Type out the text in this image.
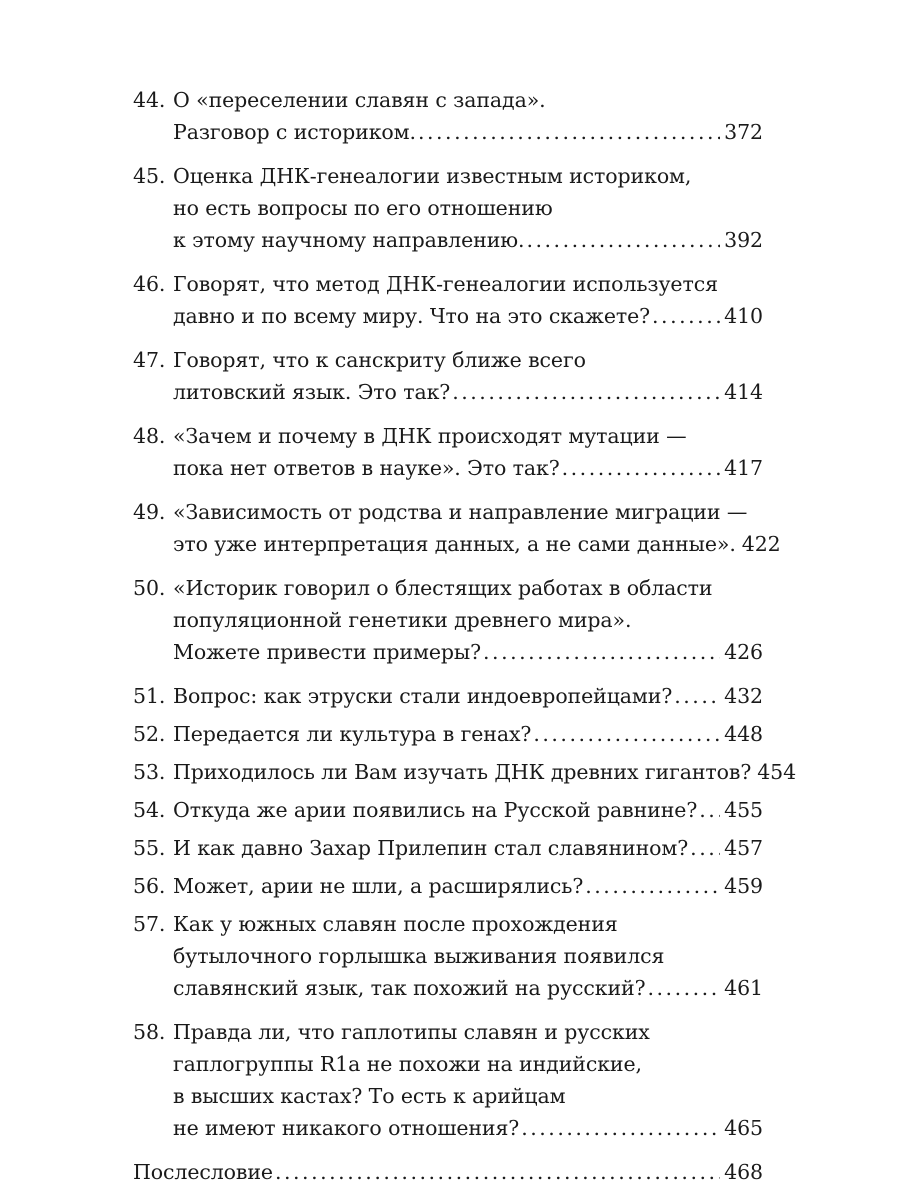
44. О «переселении славян с запада».
Разговор с историком. . . .	372
45. Оценка ДНК-генеалогии известным историком,
но есть вопросы по его отношению
к этому научному направлению. . . .	392
46. Говорят, что метод ДНК-генеалогии используется
давно и по всему миру. Что на это скажете? . . .	410
47. Говорят, что к санскриту ближе всего
литовский язык. Это так? . . .	414
48. «Зачем и почему в ДНК происходят мутации —
пока нет ответов в науке». Это так? . . .	417
49. «Зависимость от родства и направление миграции —
это уже интерпретация данных, а не сами данные». 422
50. «Историк говорил о блестящих работах в области
популяционной генетики древнего мира».
Можете привести примеры? . . .	426
51. Вопрос: как этруски стали индоевропейцами? . . .	432
52. Передается ли культура в генах? . . .	448
53. Приходилось ли Вам изучать ДНК древних гигантов? 454
54. Откуда же арии появились на Русской равнине? . . . 455
55. И как давно Захар Прилепин стал славянином? . . . 457
56. Может, арии не шли, а расширялись? . . .	459
57. Как у южных славян после прохождения
бутылочного горлышка выживания появился
славянский язык, так похожий на русский? . . .	461
58. Правда ли, что гаплотипы славян и русских
гаплогруппы R1a не похожи на индийские,
в высших кастах? То есть к арийцам
не имеют никакого отношения? . . .	465
Послесловие . . .	468
